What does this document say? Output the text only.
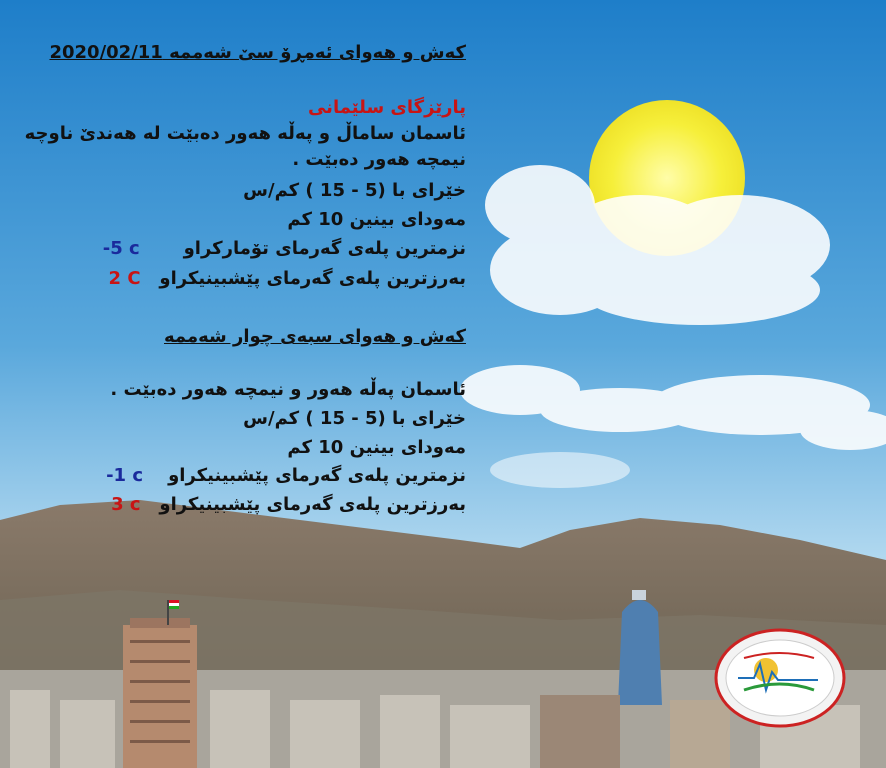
کەش و هەوای ئەمڕۆ سێ شەممە 2020/02/11
پارێزگای سلێمانی
ئاسمان ساماڵ و پەڵە هەور دەبێت لە هەندێ ناوچە
نیمچە هەور دەبێت .
خێرای با (5 - 15 ) کم/س
مەودای بینین 10 کم
نزمترین پلەی گەرمای تۆمارکراو       -5 c
بەرزترین پلەی گەرمای پێشبینیکراو   2 C
کەش و هەوای سبەی چوار شەممە
ئاسمان پەڵە هەور و نیمچە هەور دەبێت .
خێرای با (5 - 15 ) کم/س
مەودای بینین 10 کم
نزمترین پلەی گەرمای پێشبینیکراو    -1 c
بەرزترین پلەی گەرمای پێشبینیکراو   3 c
